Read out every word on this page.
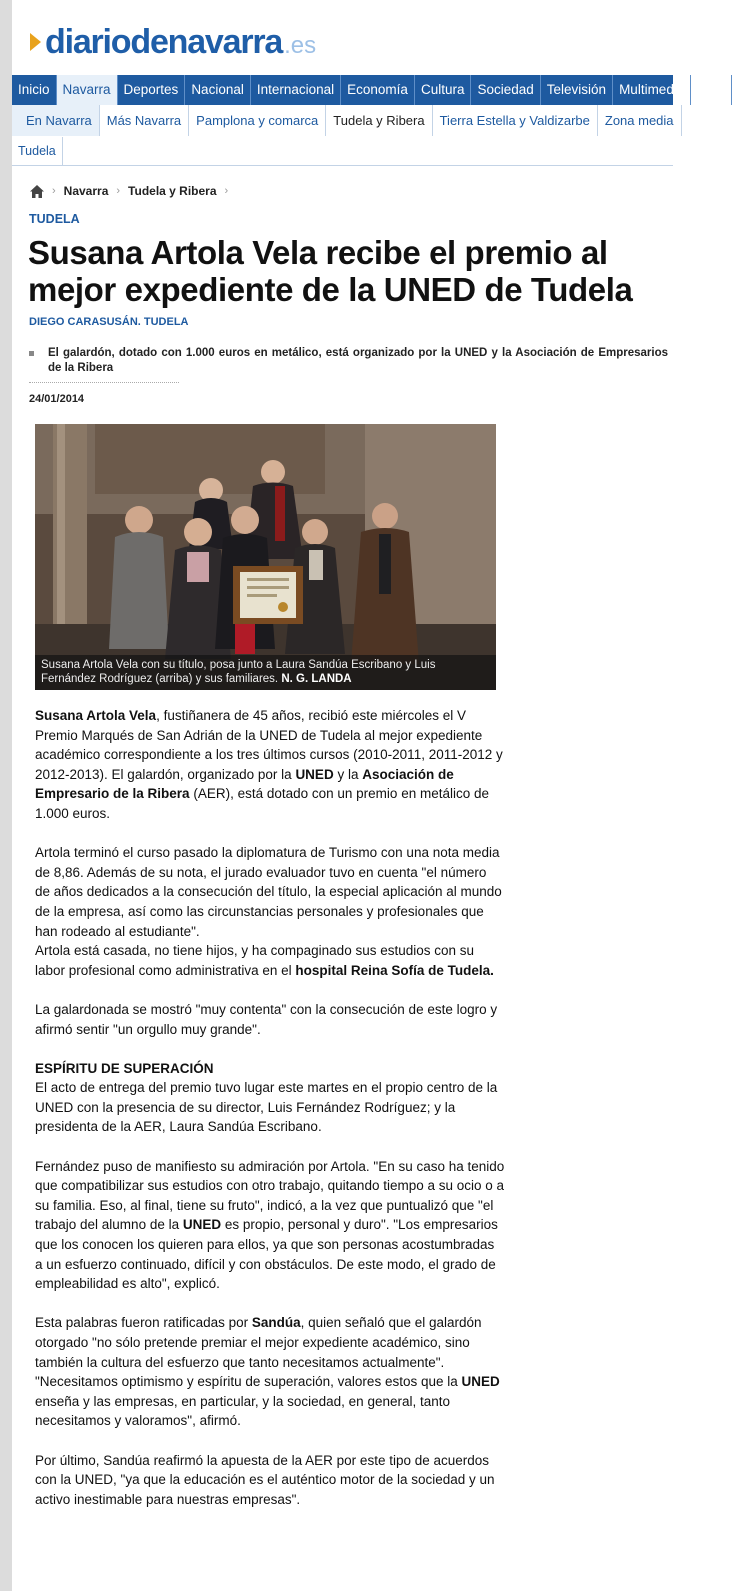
diariodenavarra .es
Inicio Navarra Deportes Nacional Internacional Economía Cultura Sociedad Televisión Multimedia Ocio
En Navarra	Más Navarra	Pamplona y comarca	Tudela y Ribera	Tierra Estella y Valdizarbe	Zona media
Tudela
› Navarra › Tudela y Ribera ›
TUDELA
Susana Artola Vela recibe el premio al mejor expediente de la UNED de Tudela
DIEGO CARASUSÁN. TUDELA
El galardón, dotado con 1.000 euros en metálico, está organizado por la UNED y la Asociación de Empresarios de la Ribera
24/01/2014
Susana Artola Vela con su título, posa junto a Laura Sandúa Escribano y Luis Fernández Rodríguez (arriba) y sus familiares. N. G. LANDA

Susana Artola Vela, fustiñanera de 45 años, recibió este miércoles el V Premio Marqués de San Adrián de la UNED de Tudela al mejor expediente académico correspondiente a los tres últimos cursos (2010-2011, 2011-2012 y 2012-2013). El galardón, organizado por la UNED y la Asociación de Empresario de la Ribera (AER), está dotado con un premio en metálico de 1.000 euros.

Artola terminó el curso pasado la diplomatura de Turismo con una nota media de 8,86. Además de su nota, el jurado evaluador tuvo en cuenta "el número de años dedicados a la consecución del título, la especial aplicación al mundo de la empresa, así como las circunstancias personales y profesionales que han rodeado al estudiante".
Artola está casada, no tiene hijos, y ha compaginado sus estudios con su labor profesional como administrativa en el hospital Reina Sofía de Tudela.

La galardonada se mostró "muy contenta" con la consecución de este logro y afirmó sentir "un orgullo muy grande".

ESPÍRITU DE SUPERACIÓN

El acto de entrega del premio tuvo lugar este martes en el propio centro de la UNED con la presencia de su director, Luis Fernández Rodríguez; y la presidenta de la AER, Laura Sandúa Escribano.

Fernández puso de manifiesto su admiración por Artola. "En su caso ha tenido que compatibilizar sus estudios con otro trabajo, quitando tiempo a su ocio o a su familia. Eso, al final, tiene su fruto", indicó, a la vez que puntualizó que "el trabajo del alumno de la UNED es propio, personal y duro". "Los empresarios que los conocen los quieren para ellos, ya que son personas acostumbradas a un esfuerzo continuado, difícil y con obstáculos. De este modo, el grado de empleabilidad es alto", explicó.

Esta palabras fueron ratificadas por Sandúa, quien señaló que el galardón otorgado "no sólo pretende premiar el mejor expediente académico, sino también la cultura del esfuerzo que tanto necesitamos actualmente". "Necesitamos optimismo y espíritu de superación, valores estos que la UNED enseña y las empresas, en particular, y la sociedad, en general, tanto necesitamos y valoramos", afirmó.

Por último, Sandúa reafirmó la apuesta de la AER por este tipo de acuerdos con la UNED, "ya que la educación es el auténtico motor de la sociedad y un activo inestimable para nuestras empresas".
